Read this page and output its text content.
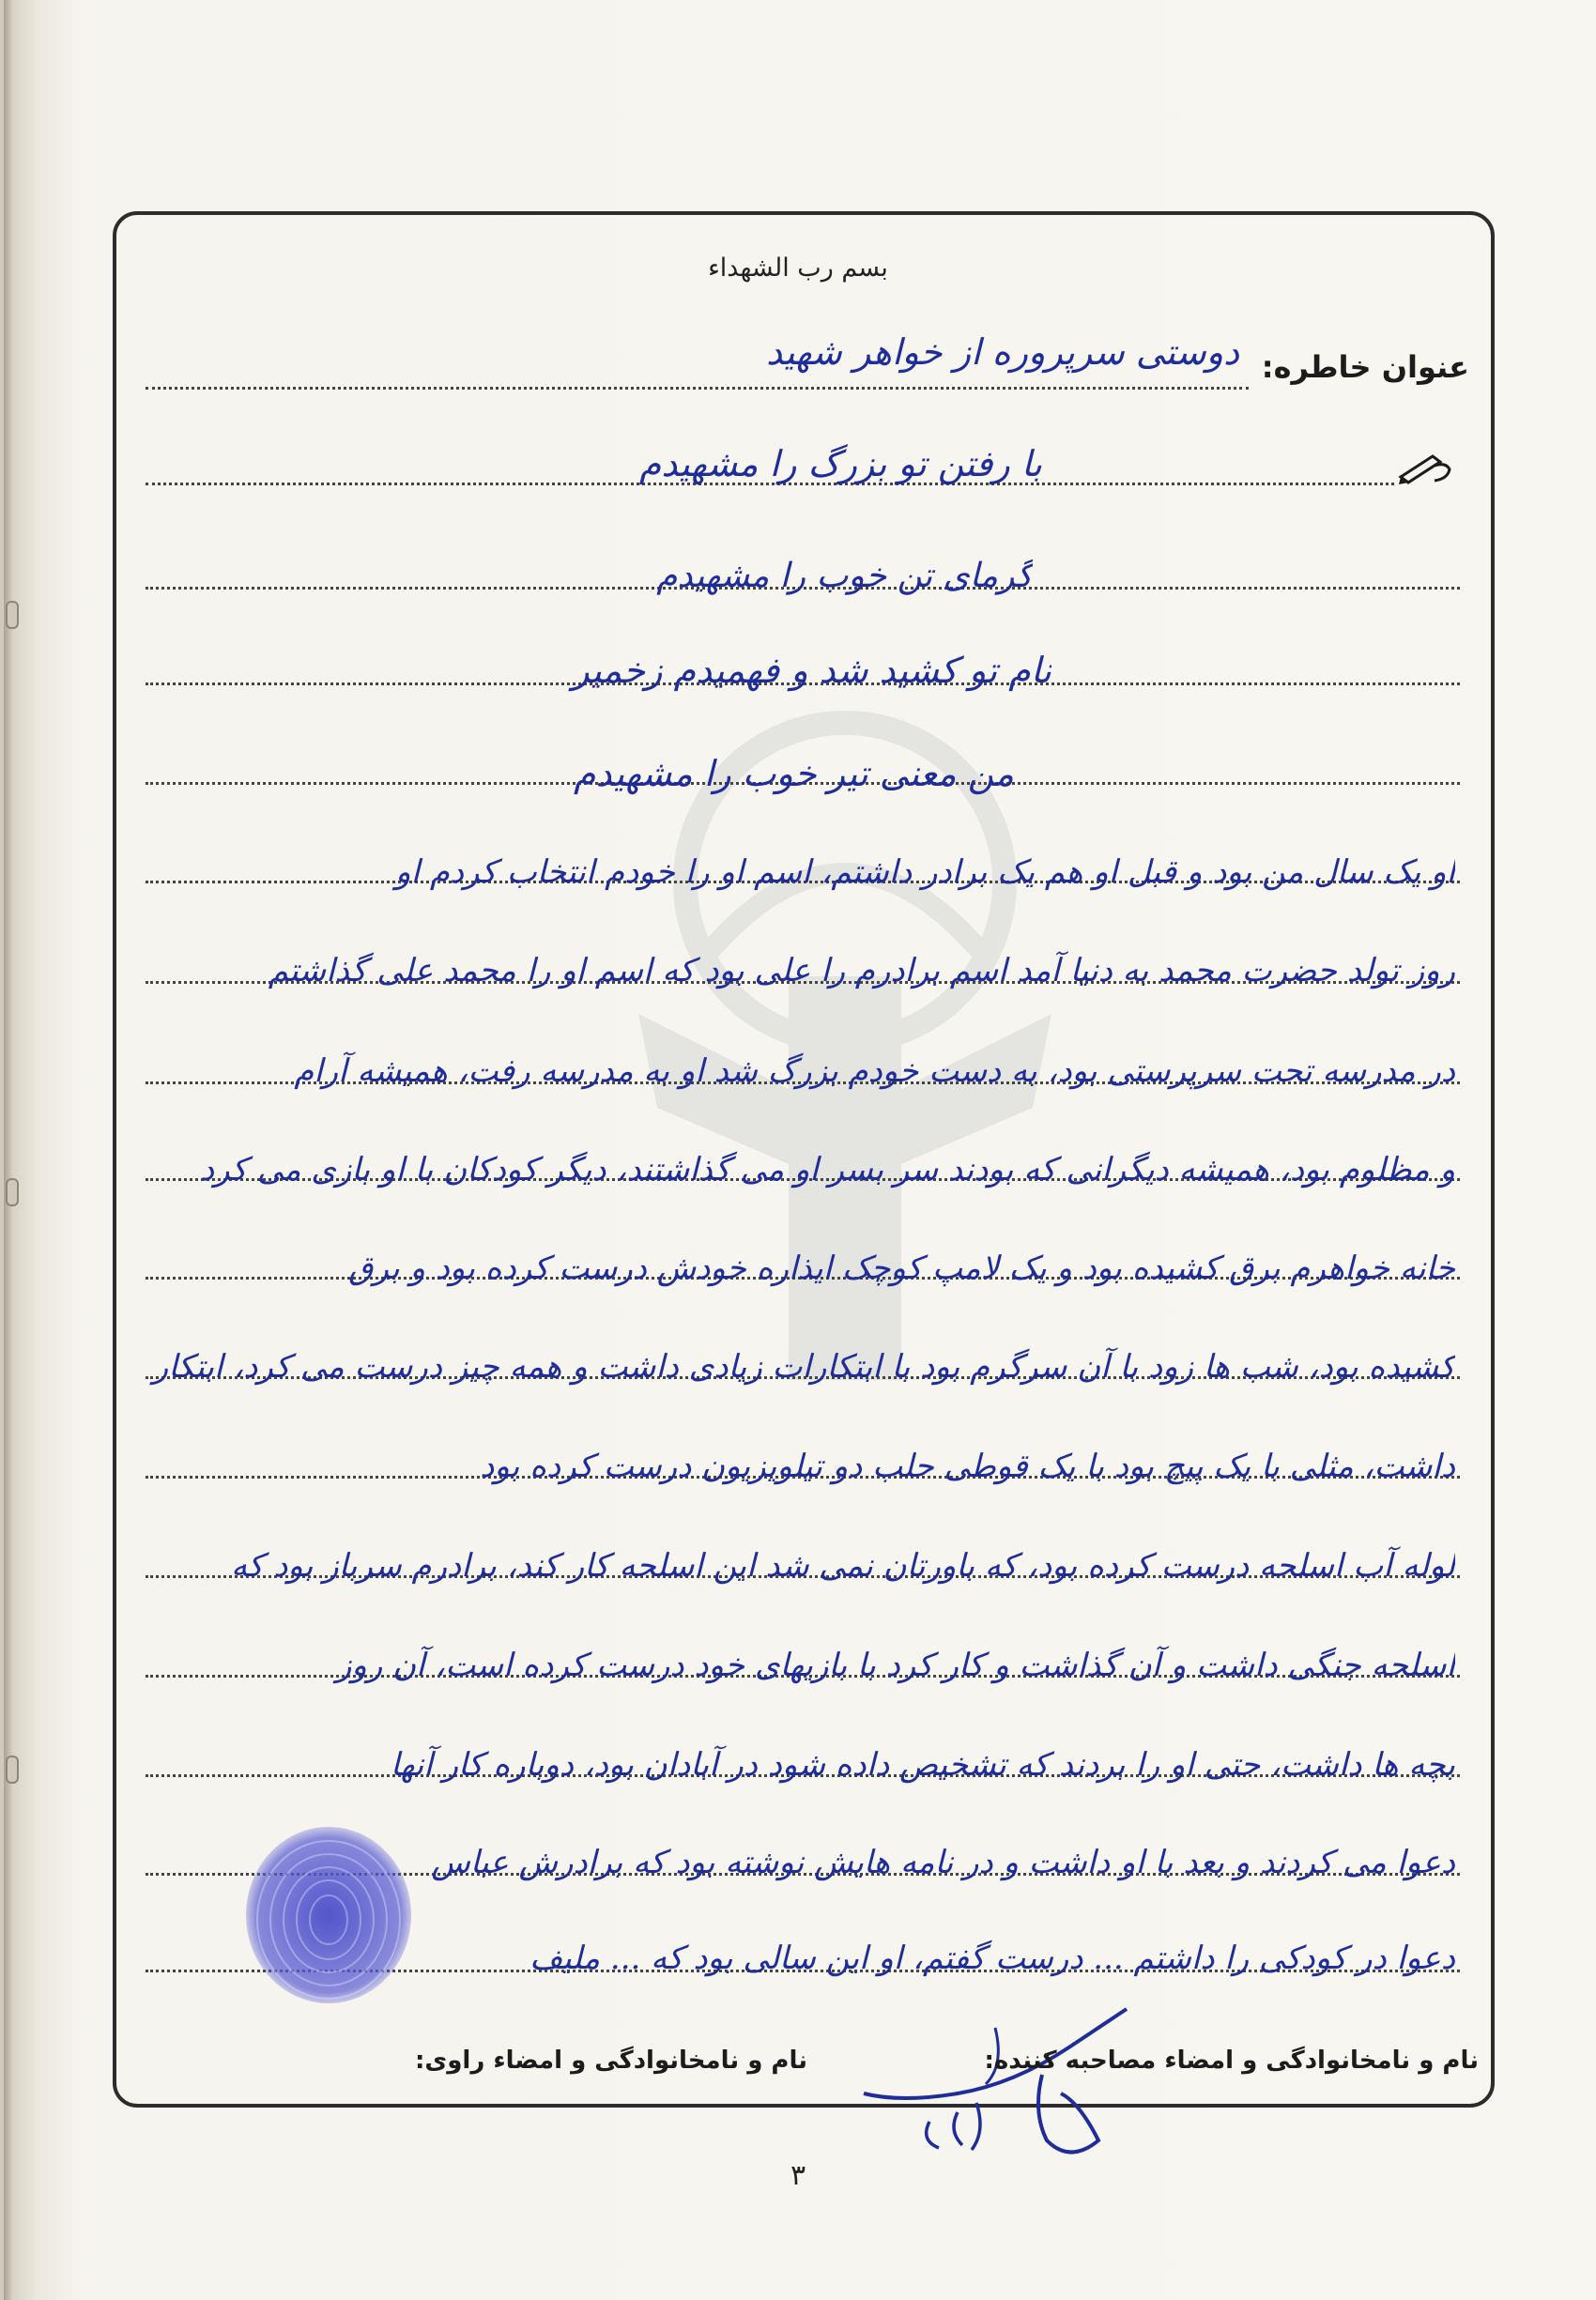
بسم رب الشهداء
عنوان خاطره:
دوستی سرپروره از خواهر شهید
با رفتن تو بزرگ را مشهیدم
گرمای تن خوب را مشهیدم
نام تو کشید شد و فهمیدم زخمیر
من معنی تیر خوب را مشهیدم
او یک سال من بود و قبل او هم یک برادر داشتم، اسم او را خودم انتخاب کردم او
روز تولد حضرت محمد به دنیا آمد اسم برادرم را علی بود که اسم او را محمد علی گذاشتم
در مدرسه تحت سرپرستی بود، به دست خودم بزرگ شد او به مدرسه رفت، همیشه آرام
و مظلوم بود، همیشه دیگرانی که بودند سر بسر او می گذاشتند، دیگر کودکان با او بازی می کرد
خانه خواهرم برق کشیده بود و یک لامپ کوچک ایذاره خودش درست کرده بود و برق
کشیده بود، شب ها زود با آن سرگرم بود با ابتکارات زیادی داشت و همه چیز درست می کرد، ابتکار
داشت، مثلی با یک پیچ بود با یک قوطی حلب دو تیلویزیون درست کرده بود
لوله آب اسلحه درست کرده بود، که باورتان نمی شد این اسلحه کار کند، برادرم سرباز بود که
اسلحه جنگی داشت و آن گذاشت و کار کرد با بازیهای خود درست کرده است، آن روز
بچه ها داشت، حتی او را بردند که تشخیص داده شود در آبادان بود، دوباره کار آنها
دعوا می کردند و بعد با او داشت و در نامه هایش نوشته بود که برادرش عباس
دعوا در کودکی را داشتم ... درست گفتم، او این سالی بود که ... ملیف
نام و نامخانوادگی و امضاء مصاحبه کننده:
نام و نامخانوادگی و امضاء راوی:
۳
